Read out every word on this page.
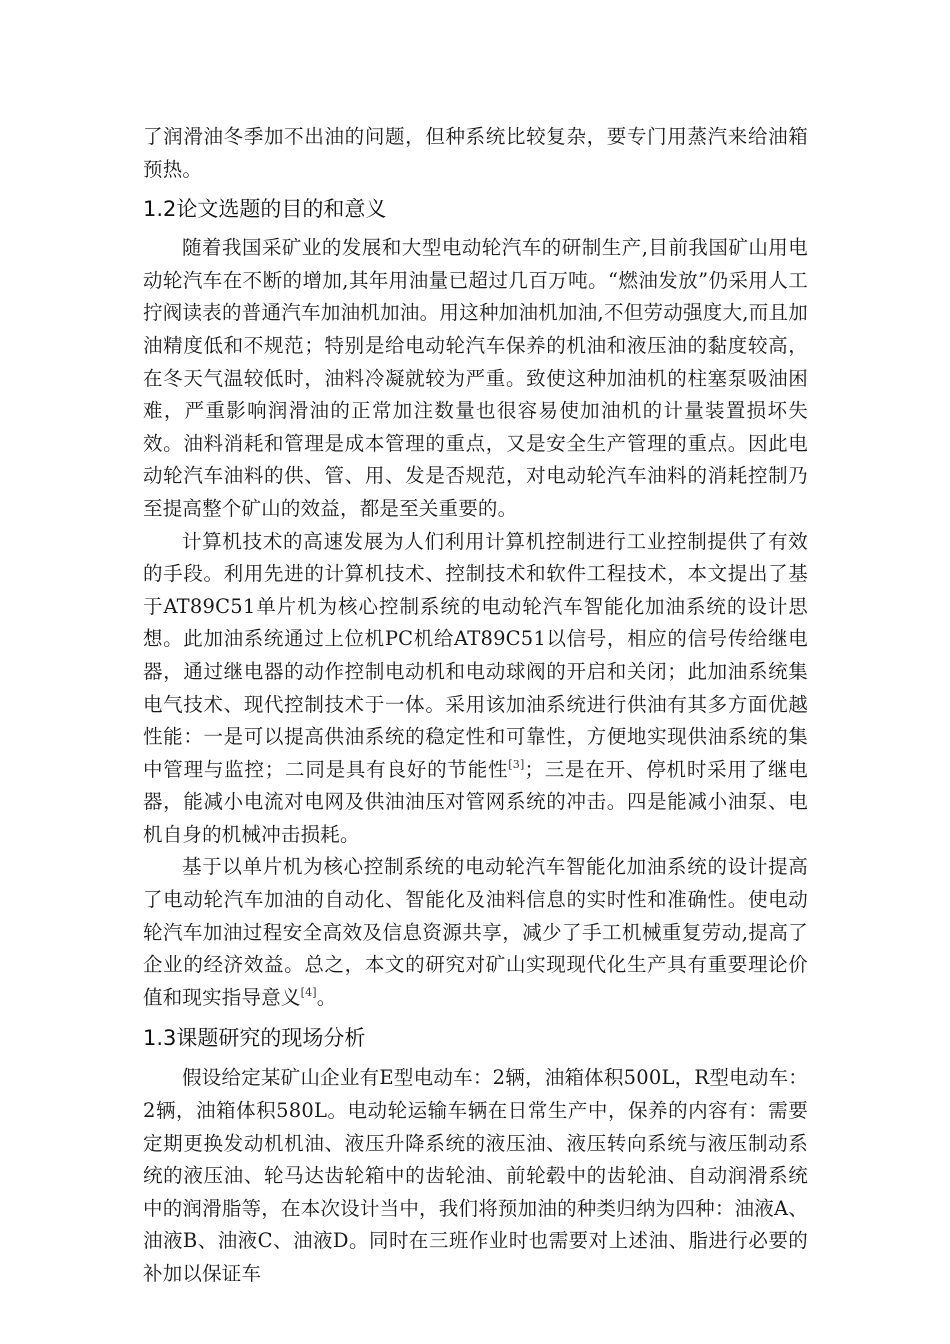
了润滑油冬季加不出油的问题，但种系统比较复杂，要专门用蒸汽来给油箱预热。

1.2论文选题的目的和意义

随着我国采矿业的发展和大型电动轮汽车的研制生产,目前我国矿山用电动轮汽车在不断的增加,其年用油量已超过几百万吨。“燃油发放”仍采用人工拧阀读表的普通汽车加油机加油。用这种加油机加油,不但劳动强度大,而且加油精度低和不规范；特别是给电动轮汽车保养的机油和液压油的黏度较高，在冬天气温较低时，油料冷凝就较为严重。致使这种加油机的柱塞泵吸油困难，严重影响润滑油的正常加注数量也很容易使加油机的计量装置损坏失效。油料消耗和管理是成本管理的重点，又是安全生产管理的重点。因此电动轮汽车油料的供、管、用、发是否规范，对电动轮汽车油料的消耗控制乃至提高整个矿山的效益，都是至关重要的。

计算机技术的高速发展为人们利用计算机控制进行工业控制提供了有效的手段。利用先进的计算机技术、控制技术和软件工程技术，本文提出了基于AT89C51单片机为核心控制系统的电动轮汽车智能化加油系统的设计思想。此加油系统通过上位机PC机给AT89C51以信号，相应的信号传给继电器，通过继电器的动作控制电动机和电动球阀的开启和关闭；此加油系统集电气技术、现代控制技术于一体。采用该加油系统进行供油有其多方面优越性能：一是可以提高供油系统的稳定性和可靠性，方便地实现供油系统的集中管理与监控；二同是具有良好的节能性[3]；三是在开、停机时采用了继电器，能减小电流对电网及供油油压对管网系统的冲击。四是能减小油泵、电机自身的机械冲击损耗。

基于以单片机为核心控制系统的电动轮汽车智能化加油系统的设计提高了电动轮汽车加油的自动化、智能化及油料信息的实时性和准确性。使电动轮汽车加油过程安全高效及信息资源共享，减少了手工机械重复劳动,提高了企业的经济效益。总之，本文的研究对矿山实现现代化生产具有重要理论价值和现实指导意义[4]。

1.3课题研究的现场分析

假设给定某矿山企业有E型电动车：2辆，油箱体积500L，R型电动车：2辆，油箱体积580L。电动轮运输车辆在日常生产中，保养的内容有：需要定期更换发动机机油、液压升降系统的液压油、液压转向系统与液压制动系统的液压油、轮马达齿轮箱中的齿轮油、前轮毂中的齿轮油、自动润滑系统中的润滑脂等，在本次设计当中，我们将预加油的种类归纳为四种：油液A、油液B、油液C、油液D。同时在三班作业时也需要对上述油、脂进行必要的补加以保证车
